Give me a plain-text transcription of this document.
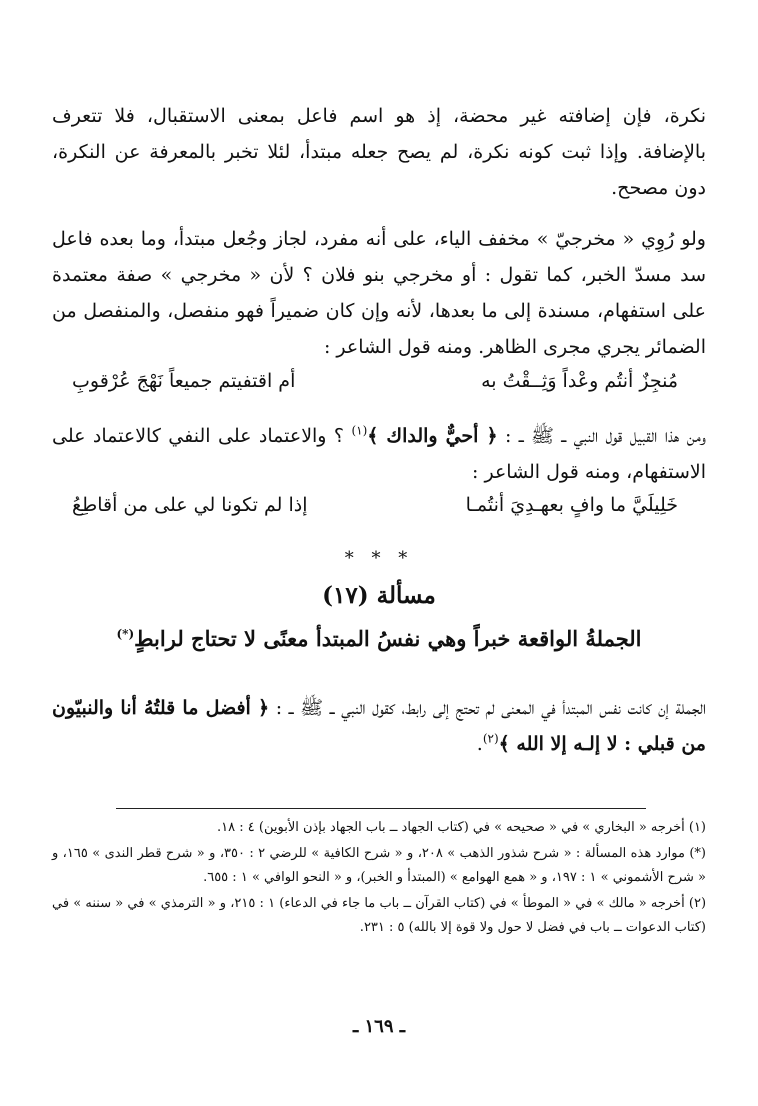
نكرة، فإن إضافته غير محضة، إذ هو اسم فاعل بمعنى الاستقبال، فلا تتعرف بالإضافة. وإذا ثبت كونه نكرة، لم يصح جعله مبتدأ، لئلا تخبر بالمعرفة عن النكرة، دون مصحح.
ولو رُوِي « مخرجيّ » مخفف الياء، على أنه مفرد، لجاز وجُعل مبتدأ، وما بعده فاعل سد مسدّ الخبر، كما تقول : أو مخرجي بنو فلان ؟ لأن « مخرجي » صفة معتمدة على استفهام، مسندة إلى ما بعدها، لأنه وإن كان ضميراً فهو منفصل، والمنفصل من الضمائر يجري مجرى الظاهر. ومنه قول الشاعر :
مُنجِزٌ أنتُم وعْداً وَثِــقْتُ به
أم اقتفيتم جميعاً نَهْجَ عُرْقوبِ
ومن هذا القبيل قول النبي ــ ﷺ ــ : ﴿ أحيٌّ والداك ﴾$^{(١)}$ ؟ والاعتماد على النفي كالاعتماد على الاستفهام، ومنه قول الشاعر :
خَلِيلَيَّ ما وافٍ بعهـدِيَ أنتُمـا
إذا لم تكونا لي على من أقاطِعُ
* * *
مسألة (١٧)
الجملةُ الواقعة خبراً وهي نفسُ المبتدأ معنًى لا تحتاج لرابطٍ(*)
الجملة إن كانت نفس المبتدأ في المعنى لم تحتج إلى رابط، كقول النبي ــ ﷺ ــ : ﴿ أفضل ما قلتُهُ أنا والنبيّون من قبلي : لا إلـه إلا الله ﴾$^{(٢)}$.

(١) أخرجه « البخاري » في « صحيحه » في (كتاب الجهاد ــ باب الجهاد بإذن الأبوين) ٤ : ١٨.

(*) موارد هذه المسألة : « شرح شذور الذهب » ٢٠٨، و « شرح الكافية » للرضي ٢ : ٣٥٠، و « شرح قطر الندى » ١٦٥، و « شرح الأشموني » ١ : ١٩٧، و « همع الهوامع » (المبتدأ و الخبر)، و « النحو الوافي » ١ : ٦٥٥.

(٢) أخرجه « مالك » في « الموطأ » في (كتاب القرآن ــ باب ما جاء في الدعاء) ١ : ٢١٥، و « الترمذي » في « سننه » في (كتاب الدعوات ــ باب في فضل لا حول ولا قوة إلا بالله) ٥ : ٢٣١.

ـ ١٦٩ ـ
